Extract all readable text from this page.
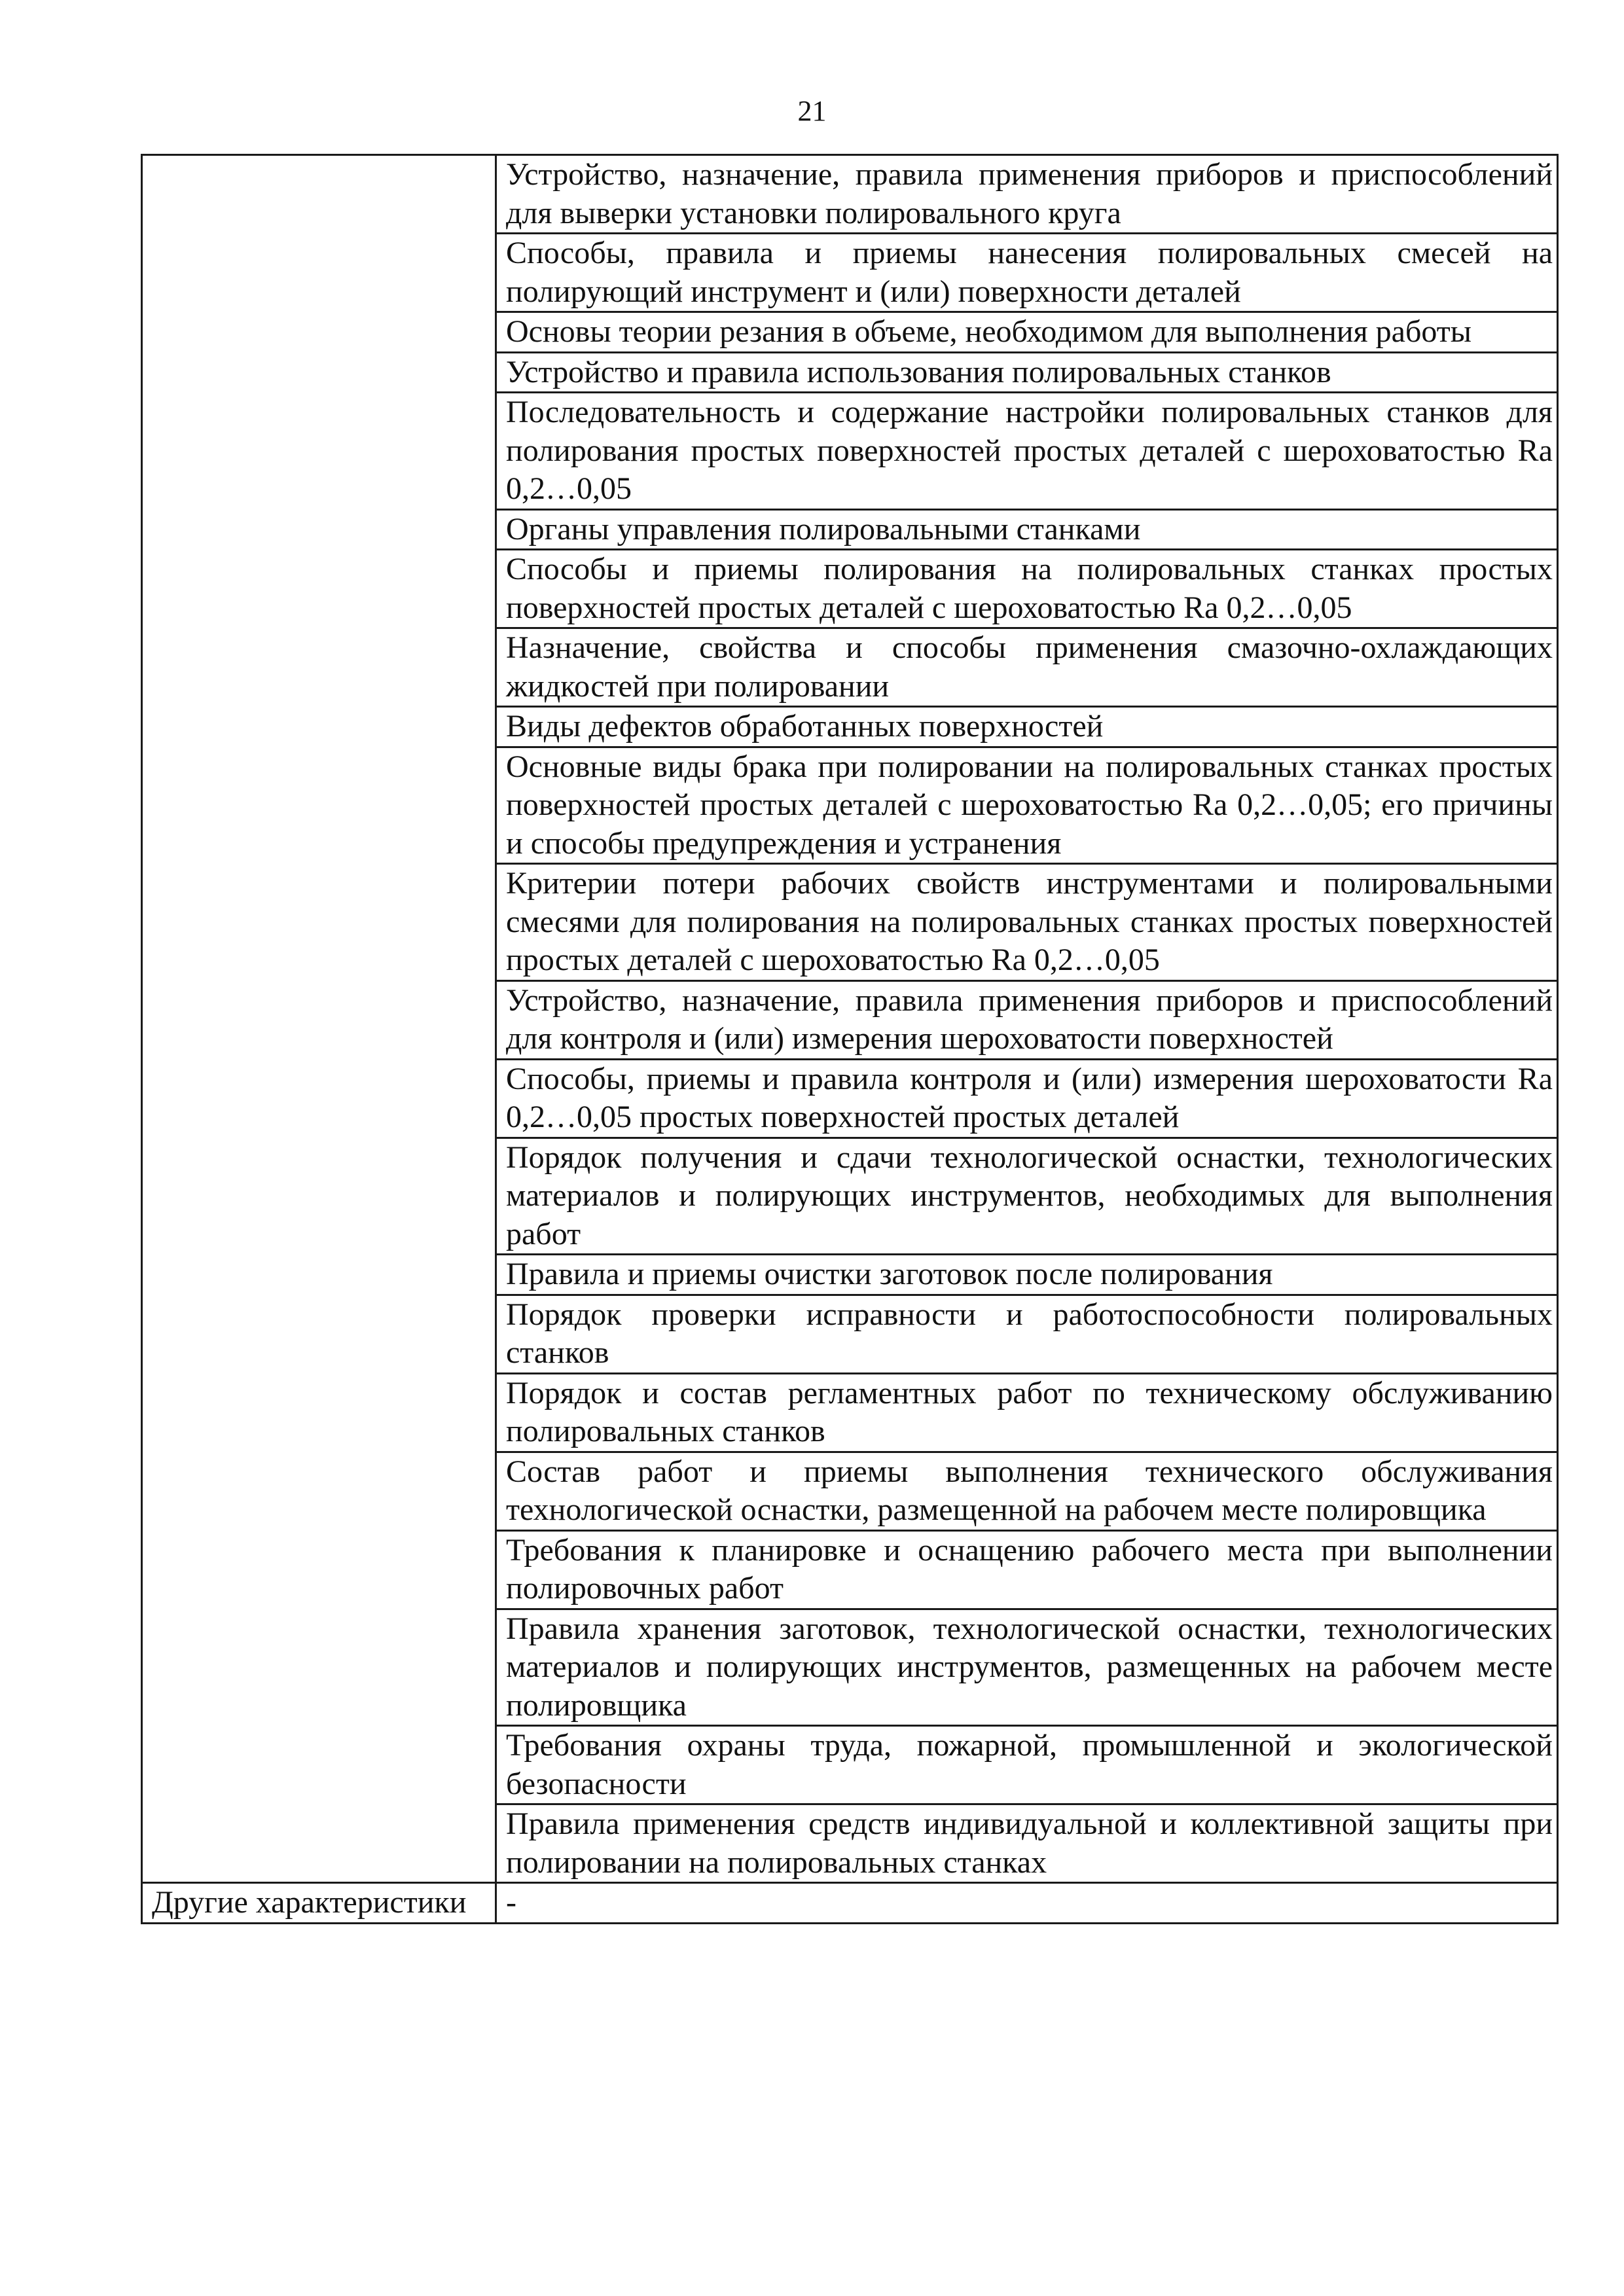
21
	Устройство, назначение, правила применения приборов и приспособлений для выверки установки полировального круга
	Способы, правила и приемы нанесения полировальных смесей на полирующий инструмент и (или) поверхности деталей
	Основы теории резания в объеме, необходимом для выполнения работы
	Устройство и правила использования полировальных станков
	Последовательность и содержание настройки полировальных станков для полирования простых поверхностей простых деталей с шероховатостью Ra 0,2…0,05
	Органы управления полировальными станками
	Способы и приемы полирования на полировальных станках простых поверхностей простых деталей с шероховатостью Ra 0,2…0,05
	Назначение, свойства и способы применения смазочно-охлаждающих жидкостей при полировании
	Виды дефектов обработанных поверхностей
	Основные виды брака при полировании на полировальных станках простых поверхностей простых деталей с шероховатостью Ra 0,2…0,05; его причины и способы предупреждения и устранения
	Критерии потери рабочих свойств инструментами и полировальными смесями для полирования на полировальных станках простых поверхностей простых деталей с шероховатостью Ra 0,2…0,05
	Устройство, назначение, правила применения приборов и приспособлений для контроля и (или) измерения шероховатости поверхностей
	Способы, приемы и правила контроля и (или) измерения шероховатости Ra 0,2…0,05 простых поверхностей простых деталей
	Порядок получения и сдачи технологической оснастки, технологических материалов и полирующих инструментов, необходимых для выполнения работ
	Правила и приемы очистки заготовок после полирования
	Порядок проверки исправности и работоспособности полировальных станков
	Порядок и состав регламентных работ по техническому обслуживанию полировальных станков
	Состав работ и приемы выполнения технического обслуживания технологической оснастки, размещенной на рабочем месте полировщика
	Требования к планировке и оснащению рабочего места при выполнении полировочных работ
	Правила хранения заготовок, технологической оснастки, технологических материалов и полирующих инструментов, размещенных на рабочем месте полировщика
	Требования охраны труда, пожарной, промышленной и экологической безопасности
	Правила применения средств индивидуальной и коллективной защиты при полировании на полировальных станках
Другие характеристики	-
